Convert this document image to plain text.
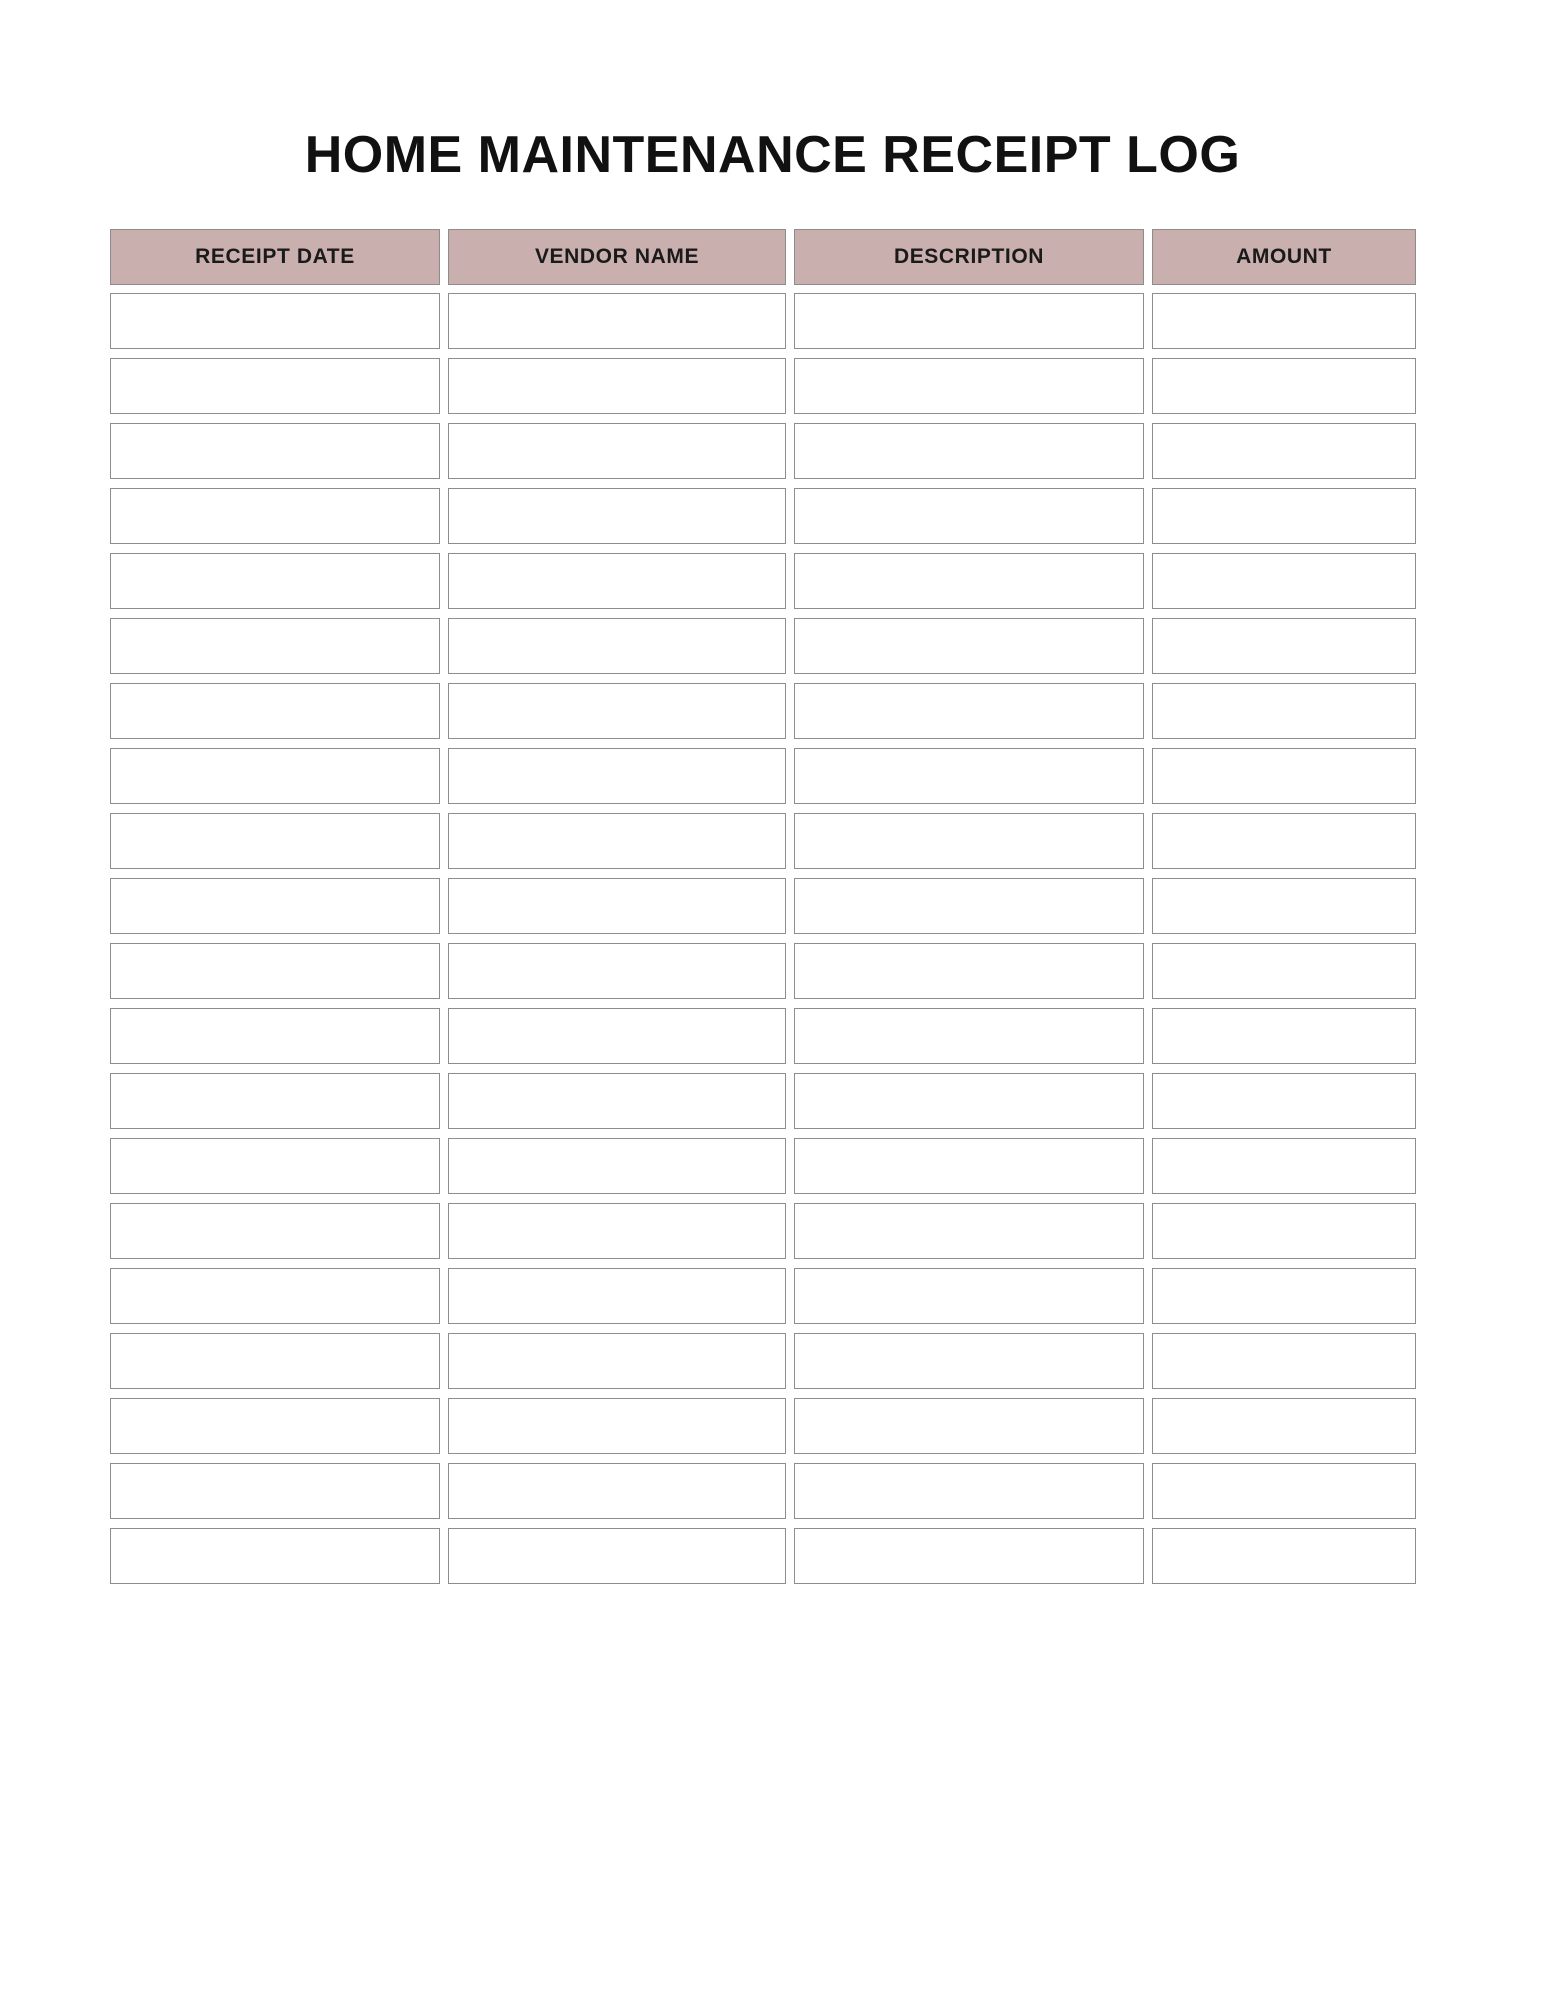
HOME MAINTENANCE RECEIPT LOG
RECEIPT DATE	VENDOR NAME	DESCRIPTION	AMOUNT
